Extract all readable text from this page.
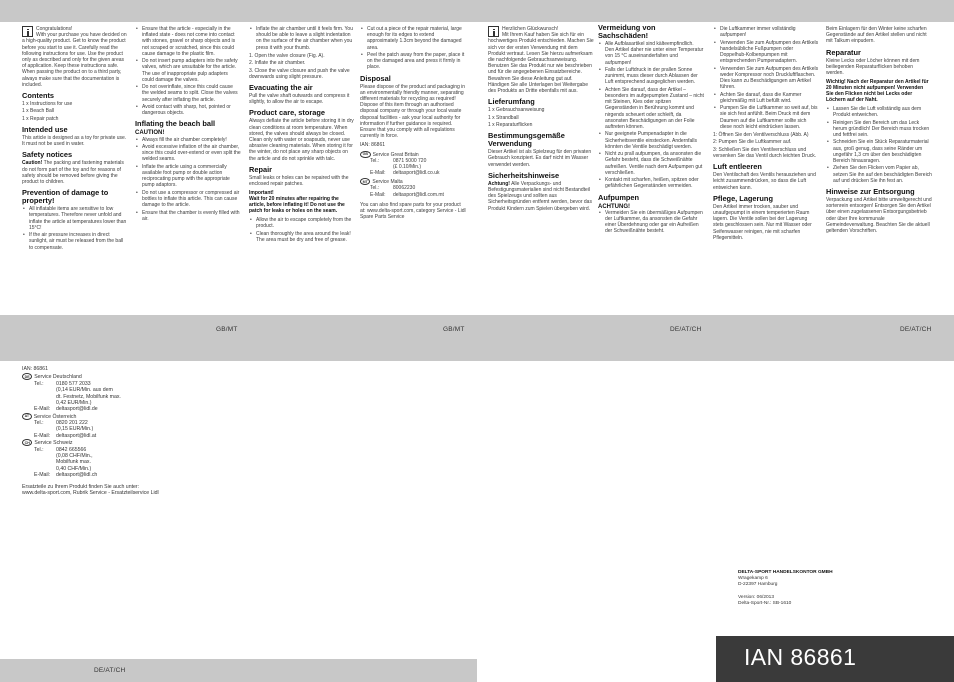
GB/MT	GB/MT	DE/AT/CH	DE/AT/CH
DE/AT/CH

Congratulations!
With your purchase you have decided on a high-quality product. Get to know the product before you start to use it. Carefully read the following instructions for use. Use the product only as described and only for the given areas of application. Keep these instructions safe. When passing the product on to a third party, always make sure that the documentation is included.

Contents
1 x Instructions for use
1 x Beach Ball
1 x Repair patch
Intended use

This article is designed as a toy for private use. It must not be used in water.

Safety notices

Caution! The packing and fastening materials do not form part of the toy and for reasons of safety should be removed before giving the product to children.

Prevention of damage to property!
• All inflatable items are sensitive to low temperatures. Therefore never unfold and inflate the article at temperatures lower than 15°C!
• If the air pressure increases in direct sunlight, air must be released from the ball to compensate.
• Ensure that the article - especially in the inflated state - does not come into contact with stones, gravel or sharp objects and is not scraped or scratched, since this could cause damage to the plastic film.
• Do not insert pump adapters into the safety valves, which are unsuitable for the article. The use of inappropriate pulp adapters could damage the valves.
• Do not overinflate, since this could cause the welded seams to split. Close the valves securely after inflating the article.
• Avoid contact with sharp, hot, pointed or dangerous objects.
Inflating the beach ball
CAUTION!
• Always fill the air chamber completely!
• Avoid excessive inflation of the air chamber, since this could over-extend or even split the welded seams.
• Inflate the article using a commercially available foot pump or double action reciprocating pump with the appropriate pump adaptors.
• Do not use a compressor or compressed air bottles to inflate this article. This can cause damage to the article.
• Ensure that the chamber is evenly filled with air.
• Inflate the air chamber until it feels firm. You should be able to leave a slight indentation on the surface of the air chamber when you press it with your thumb.
1. Open the valve closure (Fig. A).
2. Inflate the air chamber.
3. Close the valve closure and push the valve downwards using slight pressure.
Evacuating the air

Pull the valve shaft outwards and compress it slightly, to allow the air to escape.

Product care, storage

Always deflate the article before storing it in dry clean conditions at room temperature. When stored, the valves should always be closed. Clean only with water or soapsuds, never use abrasive cleaning materials. When storing it for the winter, do not place any sharp objects on the article and do not sprinkle with talc.

Repair

Small leaks or holes can be repaired with the enclosed repair patches.

Important!
Wait for 20 minutes after repairing the article, before inflating it! Do not use the patch for leaks or holes on the seam.

• Allow the air to escape completely from the product.
• Clean thoroughly the area around the leak! The area must be dry and free of grease.
• Cut out a piece of the repair material, large enough for its edges to extend approximately 1.3cm beyond the damaged area.
• Peel the patch away from the paper, place it on the damaged area and press it firmly in place.
Disposal

Please dispose of the product and packaging in an environmentally friendly manner, separating different materials for recycling as required! Dispose of this item through an authorised disposal company or through your local waste disposal facilities - ask your local authority for information if further guidance is required. Ensure that you comply with all regulations currently in force.

IAN: 86861

GB Service Great Britain
Tel.:	0871 5000 720
(£ 0.10/Min.)
E-Mail:	deltasport@lidl.co.uk
MT Service Malta
Tel.:	80062230
E-Mail:	deltasport@lidl.com.mt

You can also find spare parts for your product at: www.delta-sport.com, category Service - Lidl Spare Parts Service

Herzlichen Glückwunsch!
Mit Ihrem Kauf haben Sie sich für ein hochwertiges Produkt entschieden. Machen Sie sich vor der ersten Verwendung mit dem Produkt vertraut. Lesen Sie hierzu aufmerksam die nachfolgende Gebrauchsanweisung. Benutzen Sie das Produkt nur wie beschrieben und für die angegebenen Einsatzbereiche. Bewahren Sie diese Anleitung gut auf. Händigen Sie alle Unterlagen bei Weitergabe des Produkts an Dritte ebenfalls mit aus.

Lieferumfang
1 x Gebrauchsanweisung
1 x Strandball
1 x Reparaturflicken
Bestimmungsgemäße Verwendung

Dieser Artikel ist als Spielzeug für den privaten Gebrauch konzipiert. Es darf nicht im Wasser verwendet werden.

Sicherheitshinweise

Achtung! Alle Verpackungs- und Befestigungsmaterialien sind nicht Bestandteil des Spielzeugs und sollten aus Sicherheitsgründen entfernt werden, bevor das Produkt Kindern zum Spielen übergeben wird.

Vermeidung von Sachschäden!
• Alle Aufblasartikel sind kälteempfindlich. Den Artikel daher nie unter einer Temperatur von 15 °C auseinanderfalten und aufpumpen!
• Falls der Luftdruck in der prallen Sonne zunimmt, muss dieser durch Ablassen der Luft entsprechend ausgeglichen werden.
• Achten Sie darauf, dass der Artikel – besonders im aufgepumpten Zustand – nicht mit Steinen, Kies oder spitzen Gegenständen in Berührung kommt und nirgends scheuert oder schleift, da ansonsten Beschädigungen an der Folie auftreten können.
• Nur geeignete Pumpenadapter in die Sicherheitsventile einstecken. Andernfalls könnten die Ventile beschädigt werden.
• Nicht zu prall aufpumpen, da ansonsten die Gefahr besteht, dass die Schweißnähte aufreißen. Ventile nach dem Aufpumpen gut verschließen.
• Kontakt mit scharfen, heißen, spitzen oder gefährlichen Gegenständen vermeiden.
Aufpumpen
ACHTUNG!
• Vermeiden Sie ein übermäßiges Aufpumpen der Luftkammer, da ansonsten die Gefahr einer Überdehnung oder gar ein Aufreißen der Schweißnähte besteht.
• Die Luftkammer immer vollständig aufpumpen!
• Verwenden Sie zum Aufpumpen des Artikels handelsübliche Fußpumpen oder Doppelhub-Kolbenpumpen mit entsprechenden Pumpenadaptern.
• Verwenden Sie zum Aufpumpen des Artikels weder Kompressor noch Druckluftflaschen. Dies kann zu Beschädigungen am Artikel führen.
• Achten Sie darauf, dass die Kammer gleichmäßig mit Luft befüllt wird.
• Pumpen Sie die Luftkammer so weit auf, bis sie sich fest anfühlt. Beim Druck mit dem Daumen auf die Luftkammer sollte sich diese noch leicht eindrücken lassen.
1: Öffnen Sie den Ventilverschluss (Abb. A)
2: Pumpen Sie die Luftkammer auf.
3: Schließen Sie den Ventilverschluss und versenken Sie das Ventil durch leichten Druck.
Luft entleeren

Den Ventilschaft des Ventils herausziehen und leicht zusammendrücken, so dass die Luft entweichen kann.

Pflege, Lagerung

Den Artikel immer trocken, sauber und unaufgepumpt in einem temperierten Raum lagern. Die Ventile sollen bei der Lagerung stets geschlossen sein. Nur mit Wasser oder Seifenwasser reinigen, nie mit scharfen Pflegemitteln.

Beim Einlagern für den Winter keine scharfen Gegenstände auf den Artikel stellen und nicht mit Talkum einpudern.

Reparatur

Kleine Lecks oder Löcher können mit dem beiliegenden Reparaturflicken behoben werden.

Wichtig! Nach der Reparatur den Artikel für 20 Minuten nicht aufpumpen! Verwenden Sie den Flicken nicht bei Lecks oder Löchern auf der Naht.

• Lassen Sie die Luft vollständig aus dem Produkt entweichen.
• Reinigen Sie den Bereich um das Leck herum gründlich! Der Bereich muss trocken und fettfrei sein.
• Schneiden Sie ein Stück Reparaturmaterial aus, groß genug, dass seine Ränder um ungefähr 1,3 cm über den beschädigten Bereich hinausragen.
• Ziehen Sie den Flicken vom Papier ab, setzen Sie ihn auf den beschädigten Bereich auf und drücken Sie ihn fest an.
Hinweise zur Entsorgung

Verpackung und Artikel bitte umweltgerecht und sortenrein entsorgen! Entsorgen Sie den Artikel über einen zugelassenen Entsorgungsbetrieb oder über Ihre kommunale Gemeindeverwaltung. Beachten Sie die aktuell geltenden Vorschriften.

IAN: 86861

DE Service Deutschland
Tel.:	0180 577 2033
(0,14 EUR/Min. aus dem
dt. Festnetz, Mobilfunk max.
0,42 EUR/Min.)
E-Mail:	deltasport@lidl.de
AT Service Österreich
Tel.:	0820 201 222
(0,15 EUR/Min.)
E-Mail:	deltasport@lidl.at
CH Service Schweiz
Tel.:	0842 665566
(0,08 CHF/Min.,
Mobilfunk max.
0,40 CHF/Min.)
E-Mail:	deltasport@lidl.ch

Ersatzteile zu Ihrem Produkt finden Sie auch unter:
www.delta-sport.com, Rubrik Service - Ersatzteilservice Lidl

DELTA-SPORT HANDELSKONTOR GMBH
Wragekamp 6
D-22397 Hamburg
Version: 06/2013
Delta-Sport-Nr.: SB-1610
IAN 86861
